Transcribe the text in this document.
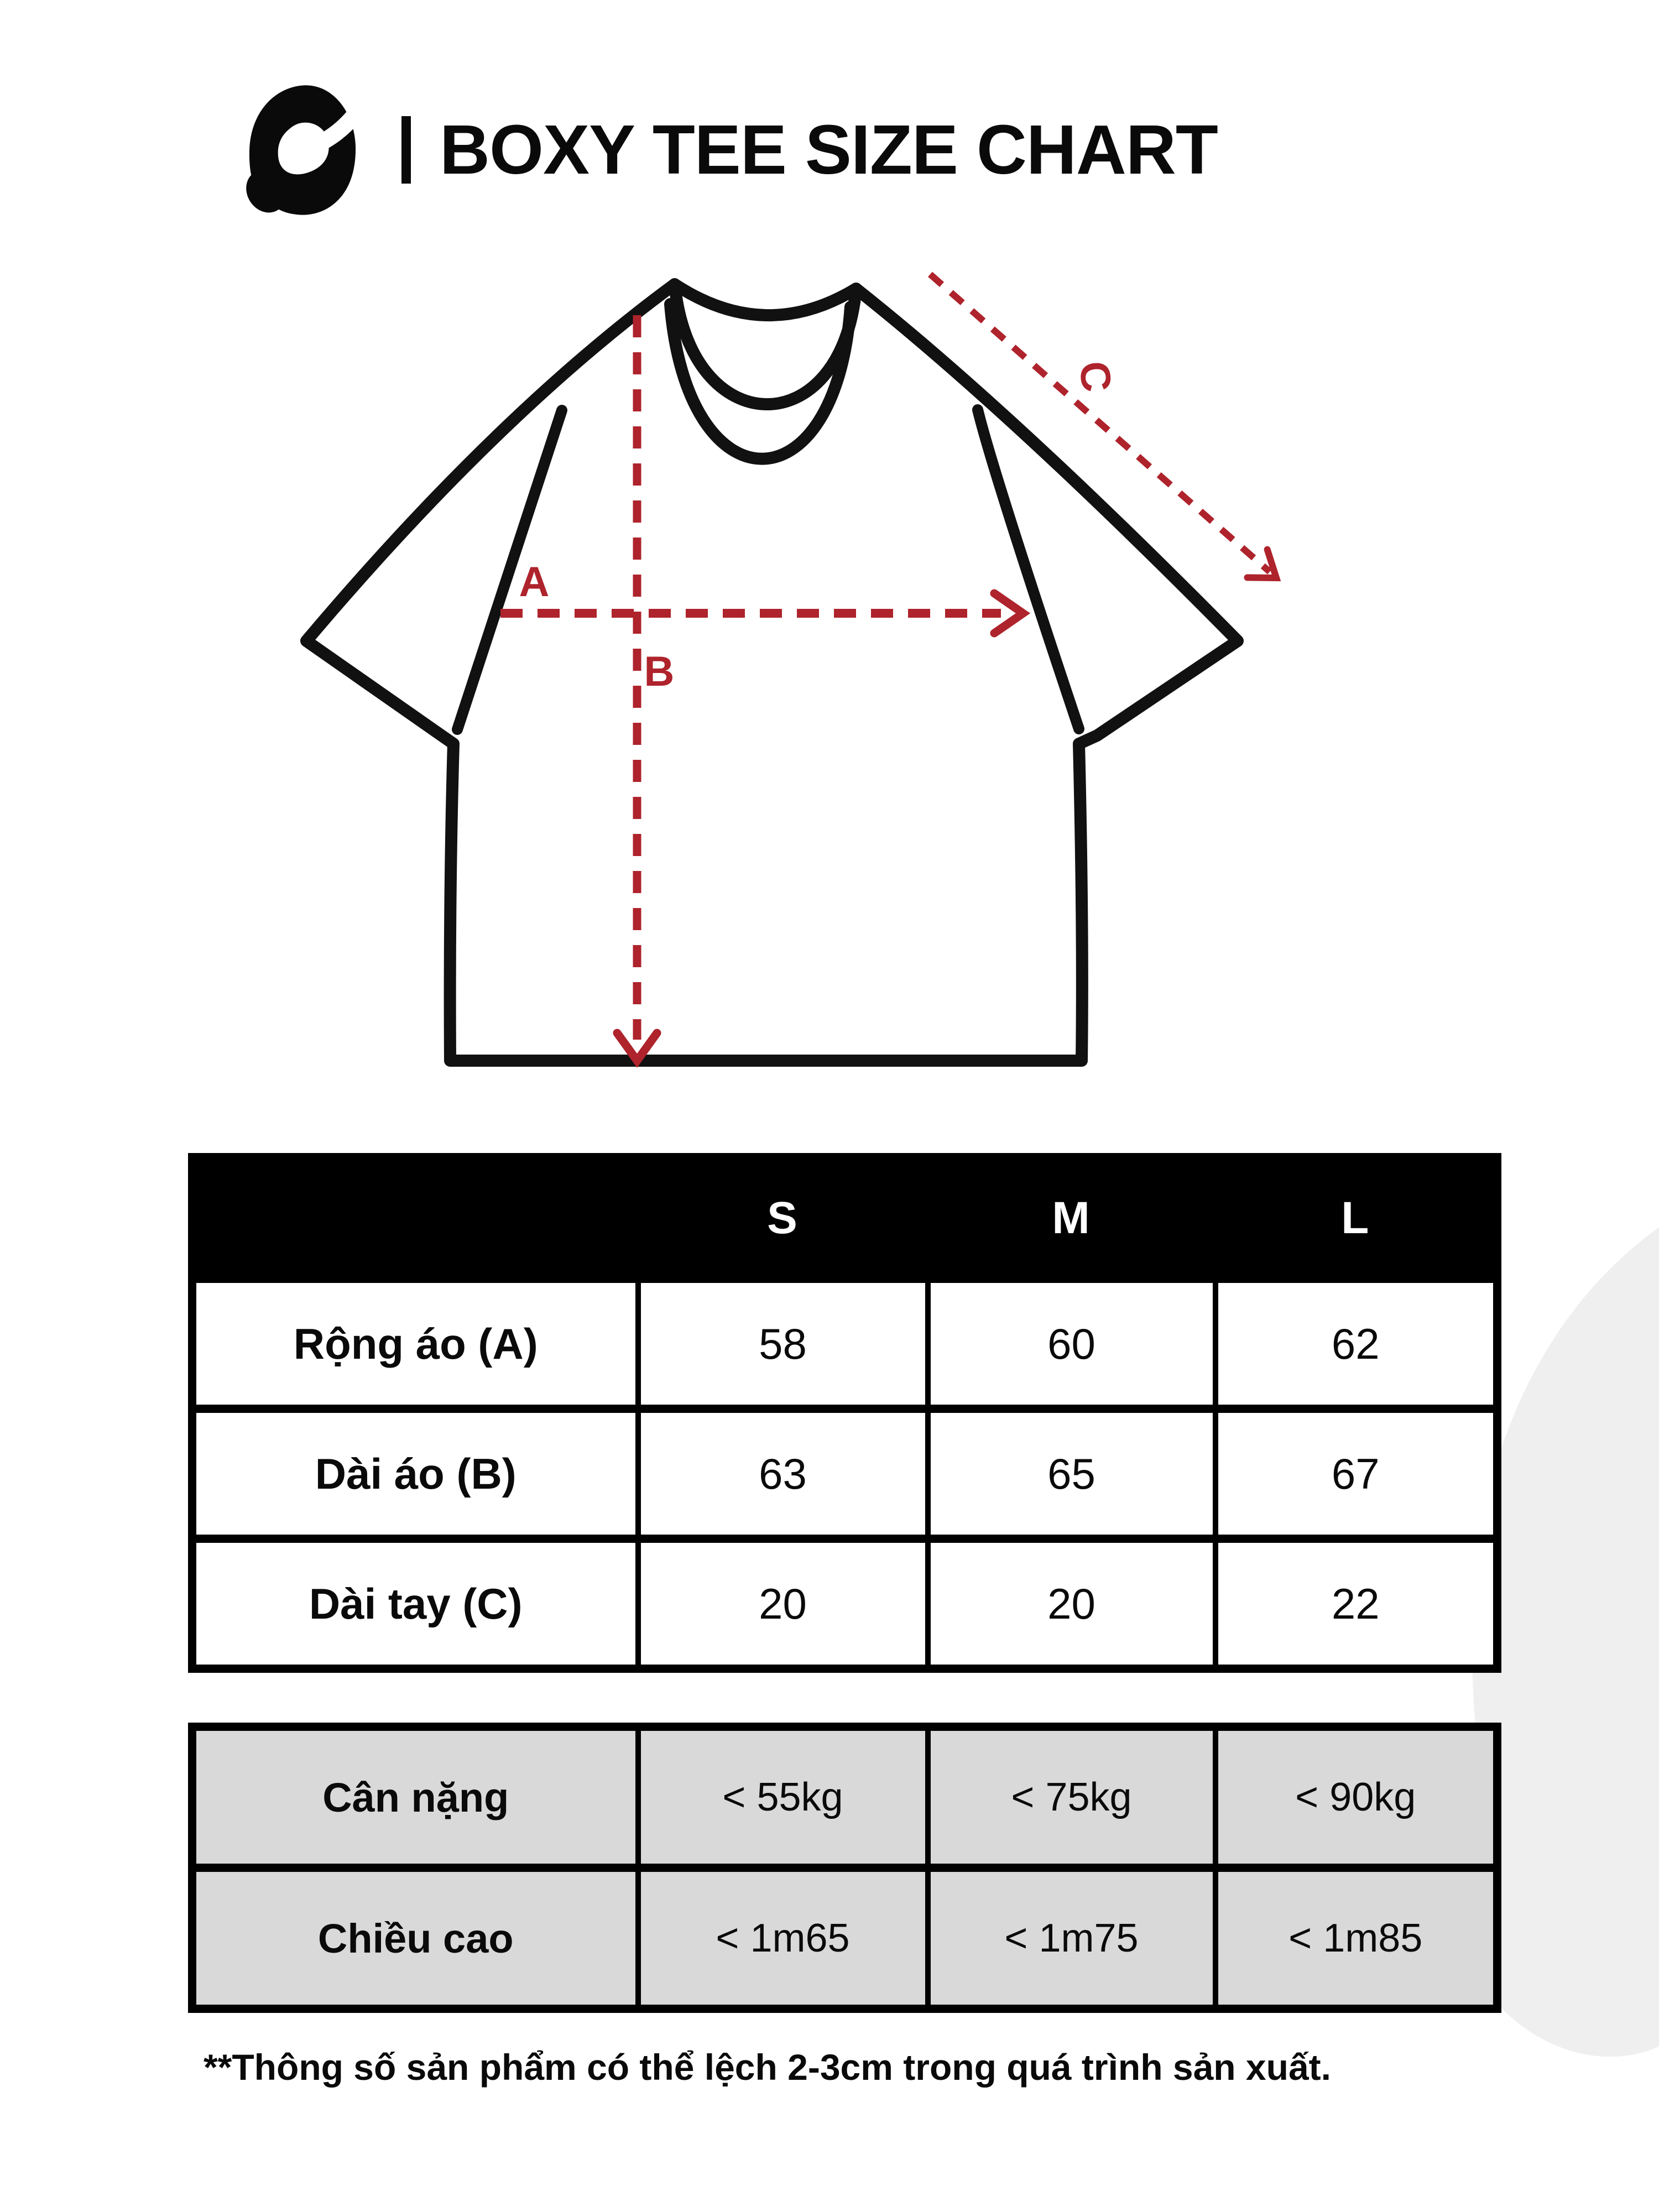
BOXY TEE SIZE CHART
A
B
C
	S	M	L
Rộng áo (A)	58	60	62
Dài áo (B)	63	65	67
Dài tay (C)	20	20	22
Cân nặng	< 55kg	< 75kg	< 90kg
Chiều cao	< 1m65	< 1m75	< 1m85
**Thông số sản phẩm có thể lệch 2-3cm trong quá trình sản xuất.
